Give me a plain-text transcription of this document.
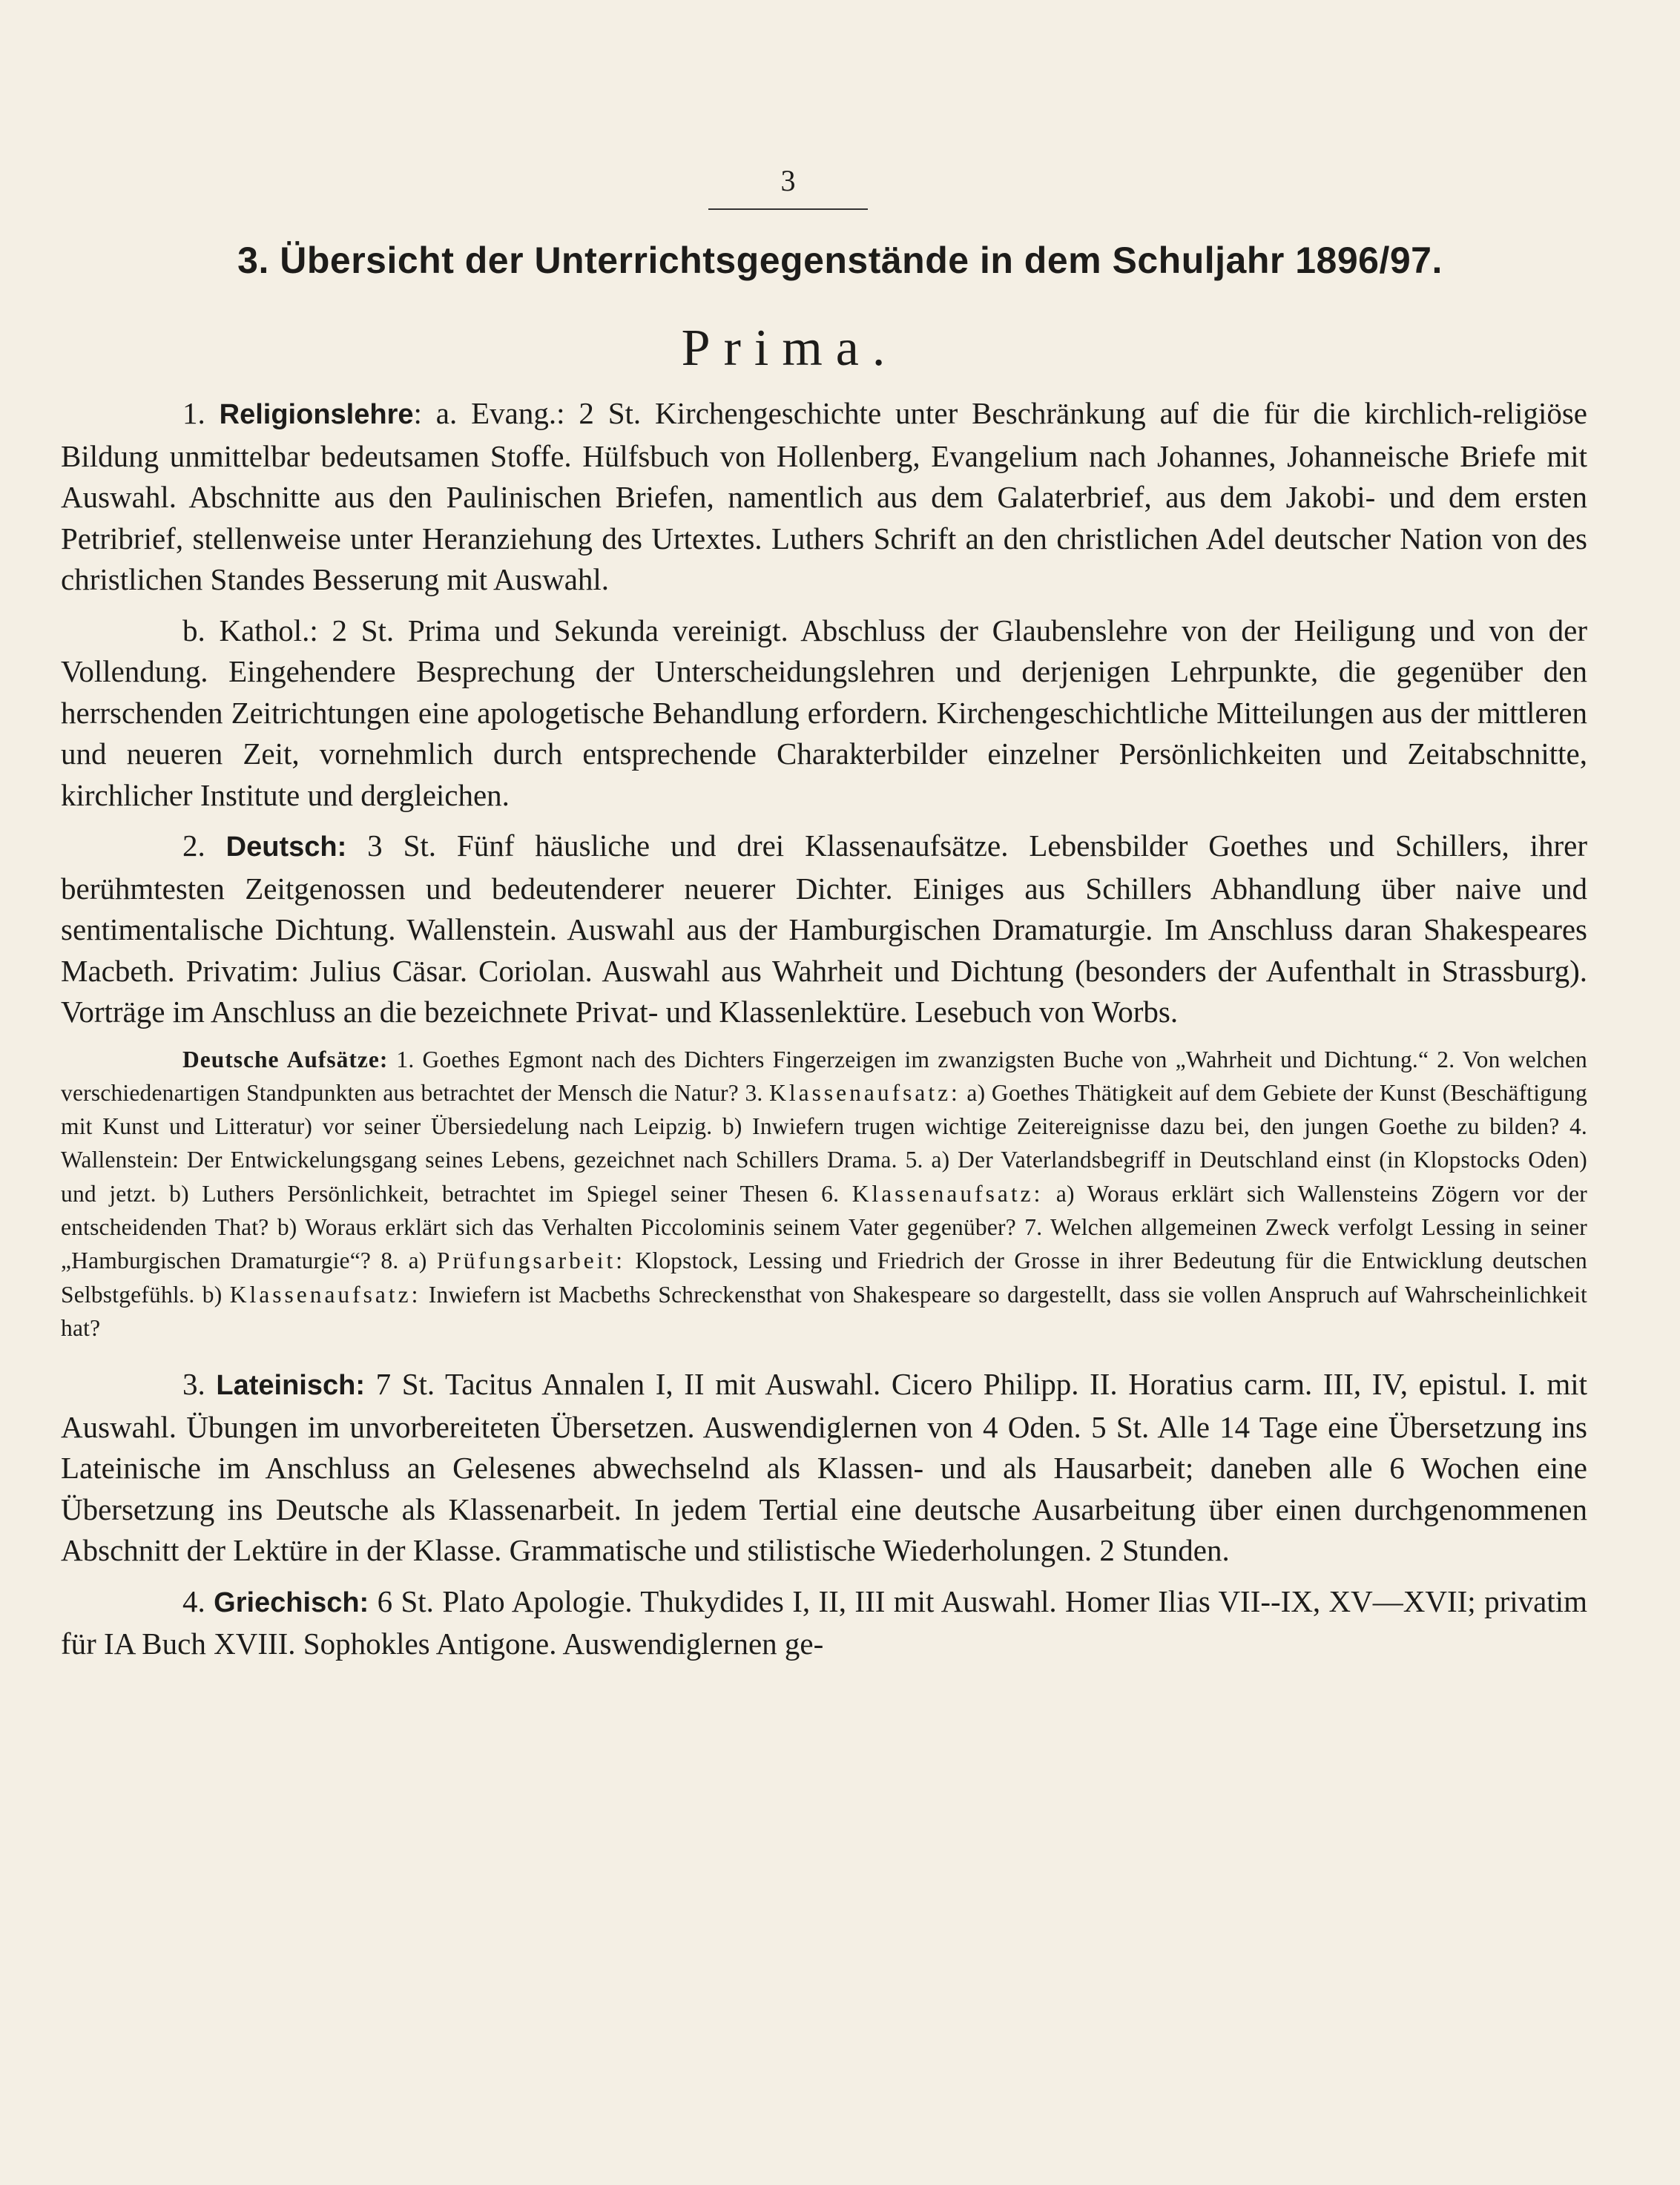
3
3. Übersicht der Unterrichtsgegenstände in dem Schuljahr 1896/97.
Prima.

1. Religionslehre: a. Evang.: 2 St. Kirchengeschichte unter Beschränkung auf die für die kirchlich-religiöse Bildung unmittelbar bedeutsamen Stoffe. Hülfsbuch von Hollenberg, Evangelium nach Johannes, Johanneische Briefe mit Auswahl. Abschnitte aus den Paulinischen Briefen, namentlich aus dem Galaterbrief, aus dem Jakobi- und dem ersten Petribrief, stellenweise unter Heranziehung des Urtextes. Luthers Schrift an den christlichen Adel deutscher Nation von des christlichen Standes Besserung mit Auswahl.

b. Kathol.: 2 St. Prima und Sekunda vereinigt. Abschluss der Glaubenslehre von der Heiligung und von der Vollendung. Eingehendere Besprechung der Unterscheidungslehren und derjenigen Lehrpunkte, die gegenüber den herrschenden Zeitrichtungen eine apologetische Behandlung erfordern. Kirchengeschichtliche Mitteilungen aus der mittleren und neueren Zeit, vornehmlich durch entsprechende Charakterbilder einzelner Persönlichkeiten und Zeitabschnitte, kirchlicher Institute und dergleichen.

2. Deutsch: 3 St. Fünf häusliche und drei Klassenaufsätze. Lebensbilder Goethes und Schillers, ihrer berühmtesten Zeitgenossen und bedeutenderer neuerer Dichter. Einiges aus Schillers Abhandlung über naive und sentimentalische Dichtung. Wallenstein. Auswahl aus der Hamburgischen Dramaturgie. Im Anschluss daran Shakespeares Macbeth. Privatim: Julius Cäsar. Coriolan. Auswahl aus Wahrheit und Dichtung (besonders der Aufenthalt in Strassburg). Vorträge im Anschluss an die bezeichnete Privat- und Klassenlektüre. Lesebuch von Worbs.

Deutsche Aufsätze: 1. Goethes Egmont nach des Dichters Fingerzeigen im zwanzigsten Buche von „Wahrheit und Dichtung.“ 2. Von welchen verschiedenartigen Standpunkten aus betrachtet der Mensch die Natur? 3. Klassenaufsatz: a) Goethes Thätigkeit auf dem Gebiete der Kunst (Beschäftigung mit Kunst und Litteratur) vor seiner Übersiedelung nach Leipzig. b) Inwiefern trugen wichtige Zeitereignisse dazu bei, den jungen Goethe zu bilden? 4. Wallenstein: Der Entwickelungsgang seines Lebens, gezeichnet nach Schillers Drama. 5. a) Der Vaterlandsbegriff in Deutschland einst (in Klopstocks Oden) und jetzt. b) Luthers Persönlichkeit, betrachtet im Spiegel seiner Thesen 6. Klassenaufsatz: a) Woraus erklärt sich Wallensteins Zögern vor der entscheidenden That? b) Woraus erklärt sich das Verhalten Piccolominis seinem Vater gegenüber? 7. Welchen allgemeinen Zweck verfolgt Lessing in seiner „Hamburgischen Dramaturgie“? 8. a) Prüfungsarbeit: Klopstock, Lessing und Friedrich der Grosse in ihrer Bedeutung für die Entwicklung deutschen Selbstgefühls. b) Klassenaufsatz: Inwiefern ist Macbeths Schreckensthat von Shakespeare so dargestellt, dass sie vollen Anspruch auf Wahrscheinlichkeit hat?

3. Lateinisch: 7 St. Tacitus Annalen I, II mit Auswahl. Cicero Philipp. II. Horatius carm. III, IV, epistul. I. mit Auswahl. Übungen im unvorbereiteten Übersetzen. Auswendiglernen von 4 Oden. 5 St. Alle 14 Tage eine Übersetzung ins Lateinische im Anschluss an Gelesenes abwechselnd als Klassen- und als Hausarbeit; daneben alle 6 Wochen eine Übersetzung ins Deutsche als Klassenarbeit. In jedem Tertial eine deutsche Ausarbeitung über einen durchgenommenen Abschnitt der Lektüre in der Klasse. Grammatische und stilistische Wiederholungen. 2 Stunden.

4. Griechisch: 6 St. Plato Apologie. Thukydides I, II, III mit Auswahl. Homer Ilias VII--IX, XV—XVII; privatim für IA Buch XVIII. Sophokles Antigone. Auswendiglernen ge-
